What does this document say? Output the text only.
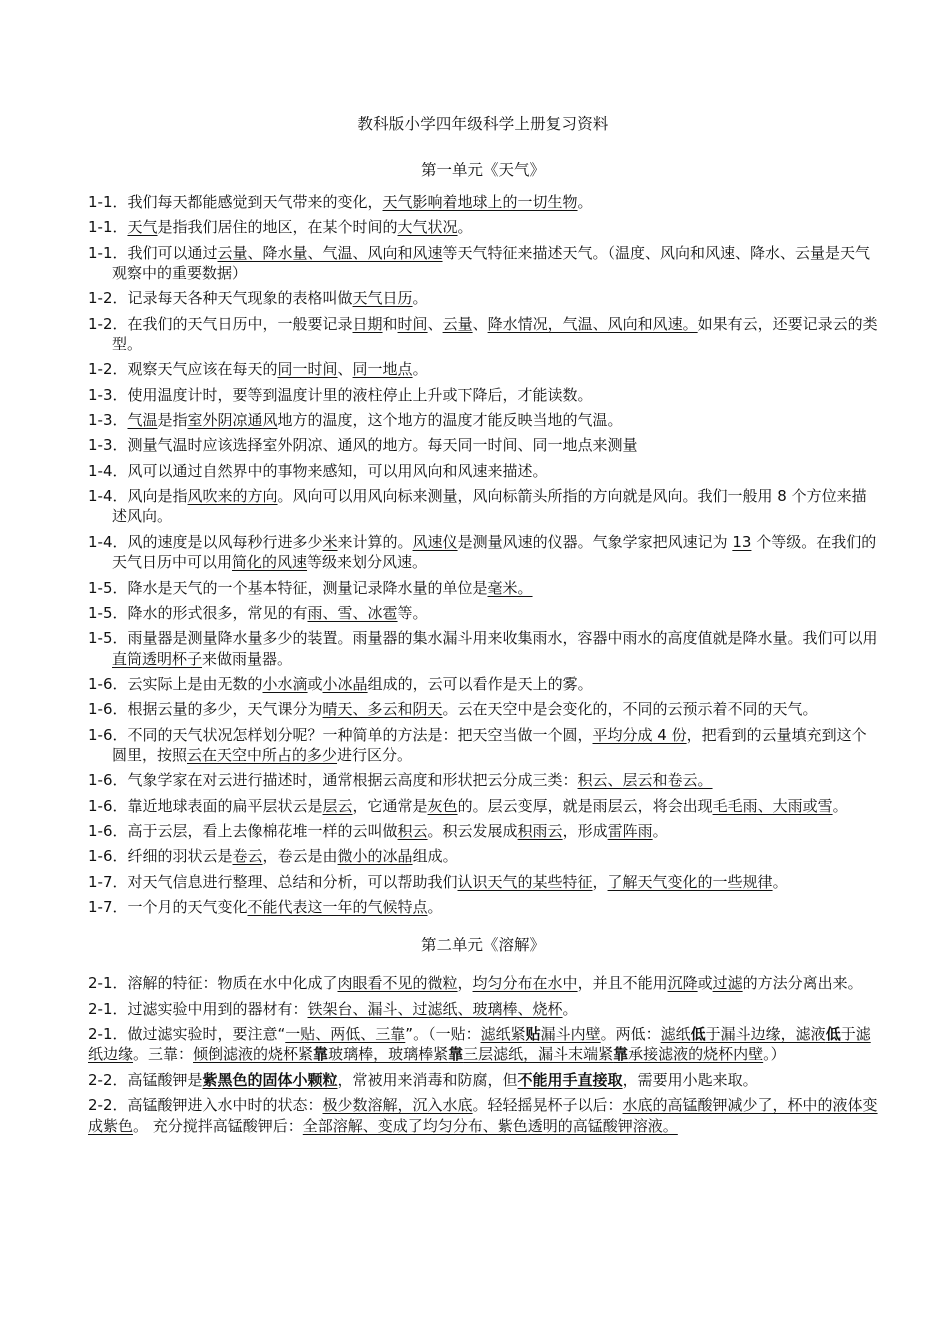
教科版小学四年级科学上册复习资料
第一单元《天气》
1-1．我们每天都能感觉到天气带来的变化，天气影响着地球上的一切生物。
1-1．天气是指我们居住的地区，在某个时间的大气状况。
1-1．我们可以通过云量、降水量、气温、风向和风速等天气特征来描述天气。（温度、风向和风速、降水、云量是天气观察中的重要数据）
1-2．记录每天各种天气现象的表格叫做天气日历。
1-2．在我们的天气日历中，一般要记录日期和时间、云量、降水情况，气温、风向和风速。如果有云，还要记录云的类型。
1-2．观察天气应该在每天的同一时间、同一地点。
1-3．使用温度计时，要等到温度计里的液柱停止上升或下降后，才能读数。
1-3．气温是指室外阴凉通风地方的温度，这个地方的温度才能反映当地的气温。
1-3．测量气温时应该选择室外阴凉、通风的地方。每天同一时间、同一地点来测量
1-4．风可以通过自然界中的事物来感知，可以用风向和风速来描述。
1-4．风向是指风吹来的方向。风向可以用风向标来测量，风向标箭头所指的方向就是风向。我们一般用 8 个方位来描述风向。
1-4．风的速度是以风每秒行进多少米来计算的。风速仪是测量风速的仪器。气象学家把风速记为 13 个等级。在我们的天气日历中可以用简化的风速等级来划分风速。
1-5．降水是天气的一个基本特征，测量记录降水量的单位是毫米。
1-5．降水的形式很多，常见的有雨、雪、冰雹等。
1-5．雨量器是测量降水量多少的装置。雨量器的集水漏斗用来收集雨水，容器中雨水的高度值就是降水量。我们可以用直筒透明杯子来做雨量器。
1-6．云实际上是由无数的小水滴或小冰晶组成的，云可以看作是天上的雾。
1-6．根据云量的多少，天气课分为晴天、多云和阴天。云在天空中是会变化的，不同的云预示着不同的天气。
1-6．不同的天气状况怎样划分呢？一种简单的方法是：把天空当做一个圆，平均分成 4 份，把看到的云量填充到这个圆里，按照云在天空中所占的多少进行区分。
1-6．气象学家在对云进行描述时，通常根据云高度和形状把云分成三类：积云、层云和卷云。
1-6．靠近地球表面的扁平层状云是层云，它通常是灰色的。层云变厚，就是雨层云，将会出现毛毛雨、大雨或雪。
1-6．高于云层，看上去像棉花堆一样的云叫做积云。积云发展成积雨云，形成雷阵雨。
1-6．纤细的羽状云是卷云，卷云是由微小的冰晶组成。
1-7．对天气信息进行整理、总结和分析，可以帮助我们认识天气的某些特征，了解天气变化的一些规律。
1-7．一个月的天气变化不能代表这一年的气候特点。
第二单元《溶解》
2-1．溶解的特征：物质在水中化成了肉眼看不见的微粒，均匀分布在水中，并且不能用沉降或过滤的方法分离出来。
2-1．过滤实验中用到的器材有：铁架台、漏斗、过滤纸、玻璃棒、烧杯。
2-1．做过滤实验时，要注意“一贴、两低、三靠”。（一贴：滤纸紧贴漏斗内壁。两低：滤纸低于漏斗边缘，滤液低于滤纸边缘。三靠：倾倒滤液的烧杯紧靠玻璃棒，玻璃棒紧靠三层滤纸，漏斗末端紧靠承接滤液的烧杯内壁。）
2-2．高锰酸钾是紫黑色的固体小颗粒，常被用来消毒和防腐，但不能用手直接取，需要用小匙来取。
2-2．高锰酸钾进入水中时的状态：极少数溶解，沉入水底。轻轻摇晃杯子以后：水底的高锰酸钾减少了，杯中的液体变成紫色。 充分搅拌高锰酸钾后：全部溶解、变成了均匀分布、紫色透明的高锰酸钾溶液。
